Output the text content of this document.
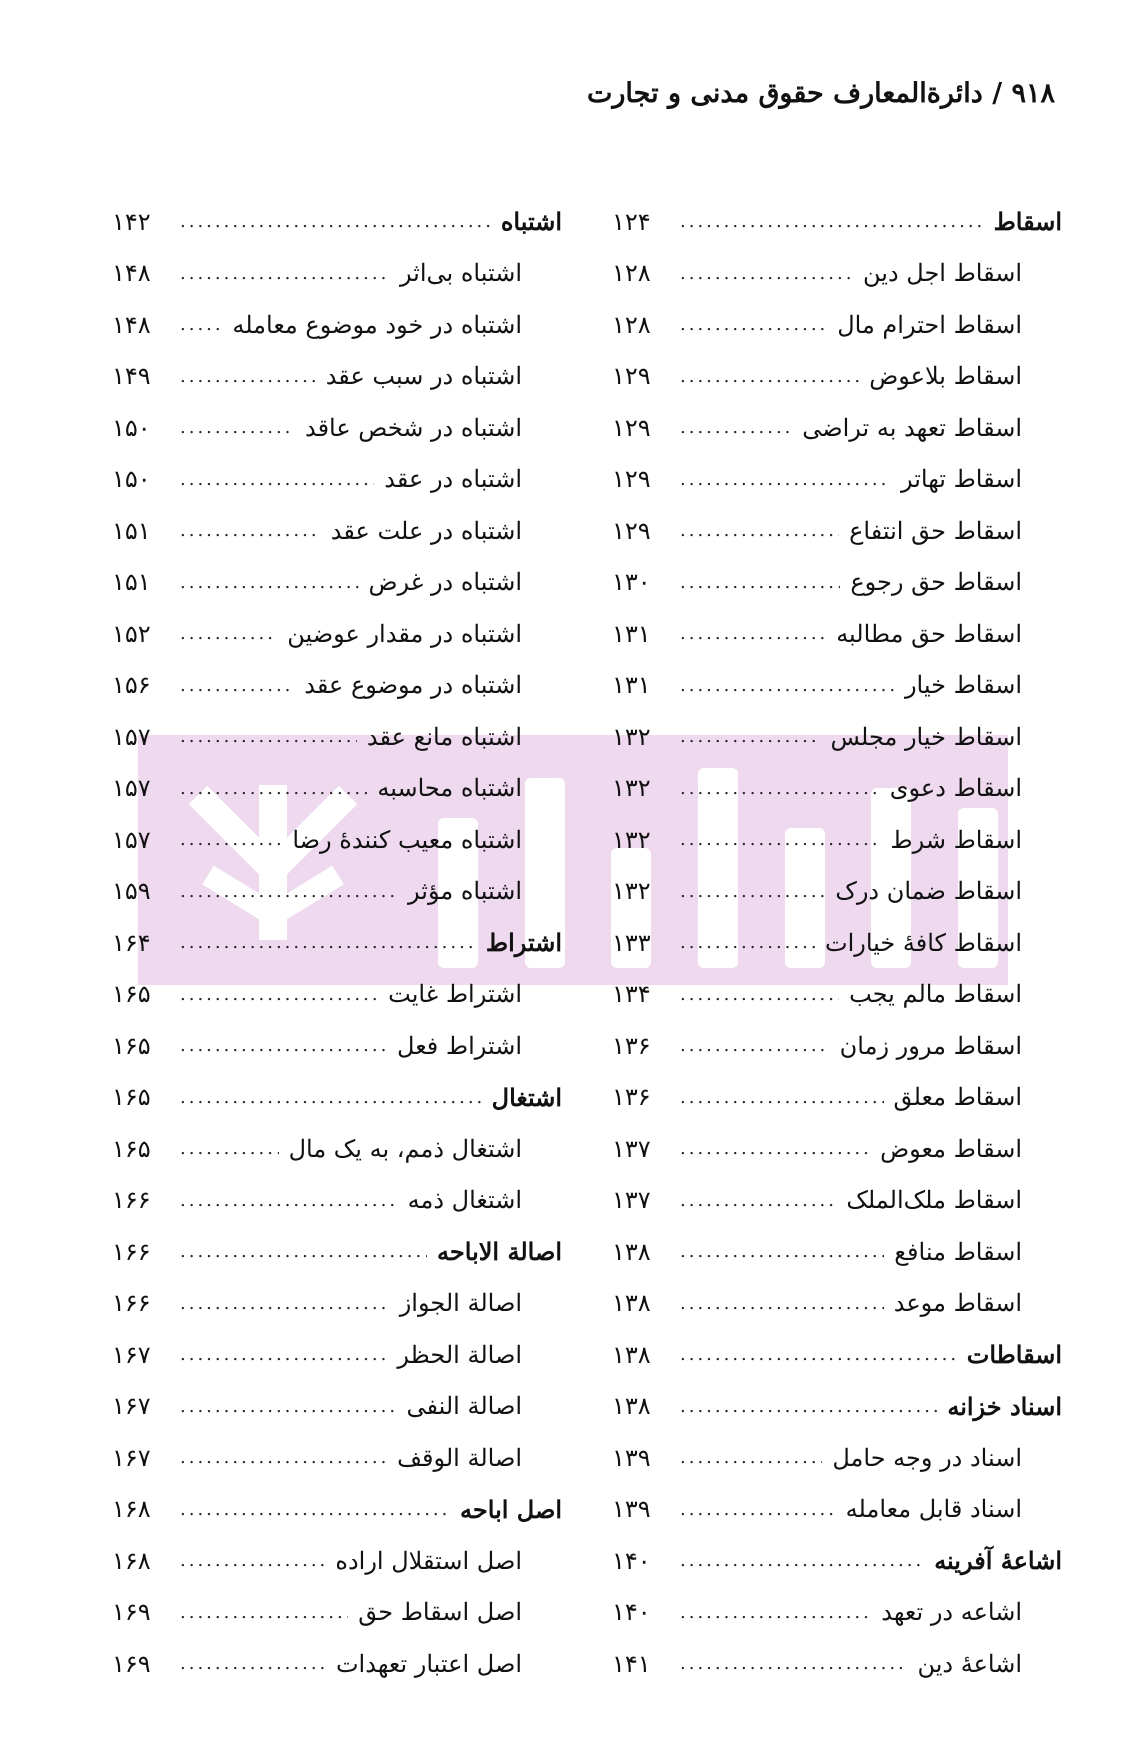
۹۱۸ / دائرةالمعارف حقوق مدنی و تجارت
اسقاط
.....
۱۲۴
اسقاط اجل دین
.....
۱۲۸
اسقاط احترام مال
.....
۱۲۸
اسقاط بلاعوض
.....
۱۲۹
اسقاط تعهد به تراضی
.....
۱۲۹
اسقاط تهاتر
.....
۱۲۹
اسقاط حق انتفاع
.....
۱۲۹
اسقاط حق رجوع
.....
۱۳۰
اسقاط حق مطالبه
.....
۱۳۱
اسقاط خیار
.....
۱۳۱
اسقاط خیار مجلس
.....
۱۳۲
اسقاط دعوی
.....
۱۳۲
اسقاط شرط
.....
۱۳۲
اسقاط ضمان درک
.....
۱۳۲
اسقاط کافهٔ خیارات
.....
۱۳۳
اسقاط مالم یجب
.....
۱۳۴
اسقاط مرور زمان
.....
۱۳۶
اسقاط معلق
.....
۱۳۶
اسقاط معوض
.....
۱۳۷
اسقاط ملک‌الملک
.....
۱۳۷
اسقاط منافع
.....
۱۳۸
اسقاط موعد
.....
۱۳۸
اسقاطات
.....
۱۳۸
اسناد خزانه
.....
۱۳۸
اسناد در وجه حامل
.....
۱۳۹
اسناد قابل معامله
.....
۱۳۹
اشاعهٔ آفرینه
.....
۱۴۰
اشاعه در تعهد
.....
۱۴۰
اشاعهٔ دین
.....
۱۴۱
اشتباه
.....
۱۴۲
اشتباه بی‌اثر
.....
۱۴۸
اشتباه در خود موضوع معامله
.....
۱۴۸
اشتباه در سبب عقد
.....
۱۴۹
اشتباه در شخص عاقد
.....
۱۵۰
اشتباه در عقد
.....
۱۵۰
اشتباه در علت عقد
.....
۱۵۱
اشتباه در غرض
.....
۱۵۱
اشتباه در مقدار عوضین
.....
۱۵۲
اشتباه در موضوع عقد
.....
۱۵۶
اشتباه مانع عقد
.....
۱۵۷
اشتباه محاسبه
.....
۱۵۷
اشتباه معیب کنندهٔ رضا
.....
۱۵۷
اشتباه مؤثر
.....
۱۵۹
اشتراط
.....
۱۶۴
اشتراط غایت
.....
۱۶۵
اشتراط فعل
.....
۱۶۵
اشتغال
.....
۱۶۵
اشتغال ذمم، به یک مال
.....
۱۶۵
اشتغال ذمه
.....
۱۶۶
اصالة الاباحه
.....
۱۶۶
اصالة الجواز
.....
۱۶۶
اصالة الحظر
.....
۱۶۷
اصالة النفی
.....
۱۶۷
اصالة الوقف
.....
۱۶۷
اصل اباحه
.....
۱۶۸
اصل استقلال اراده
.....
۱۶۸
اصل اسقاط حق
.....
۱۶۹
اصل اعتبار تعهدات
.....
۱۶۹
